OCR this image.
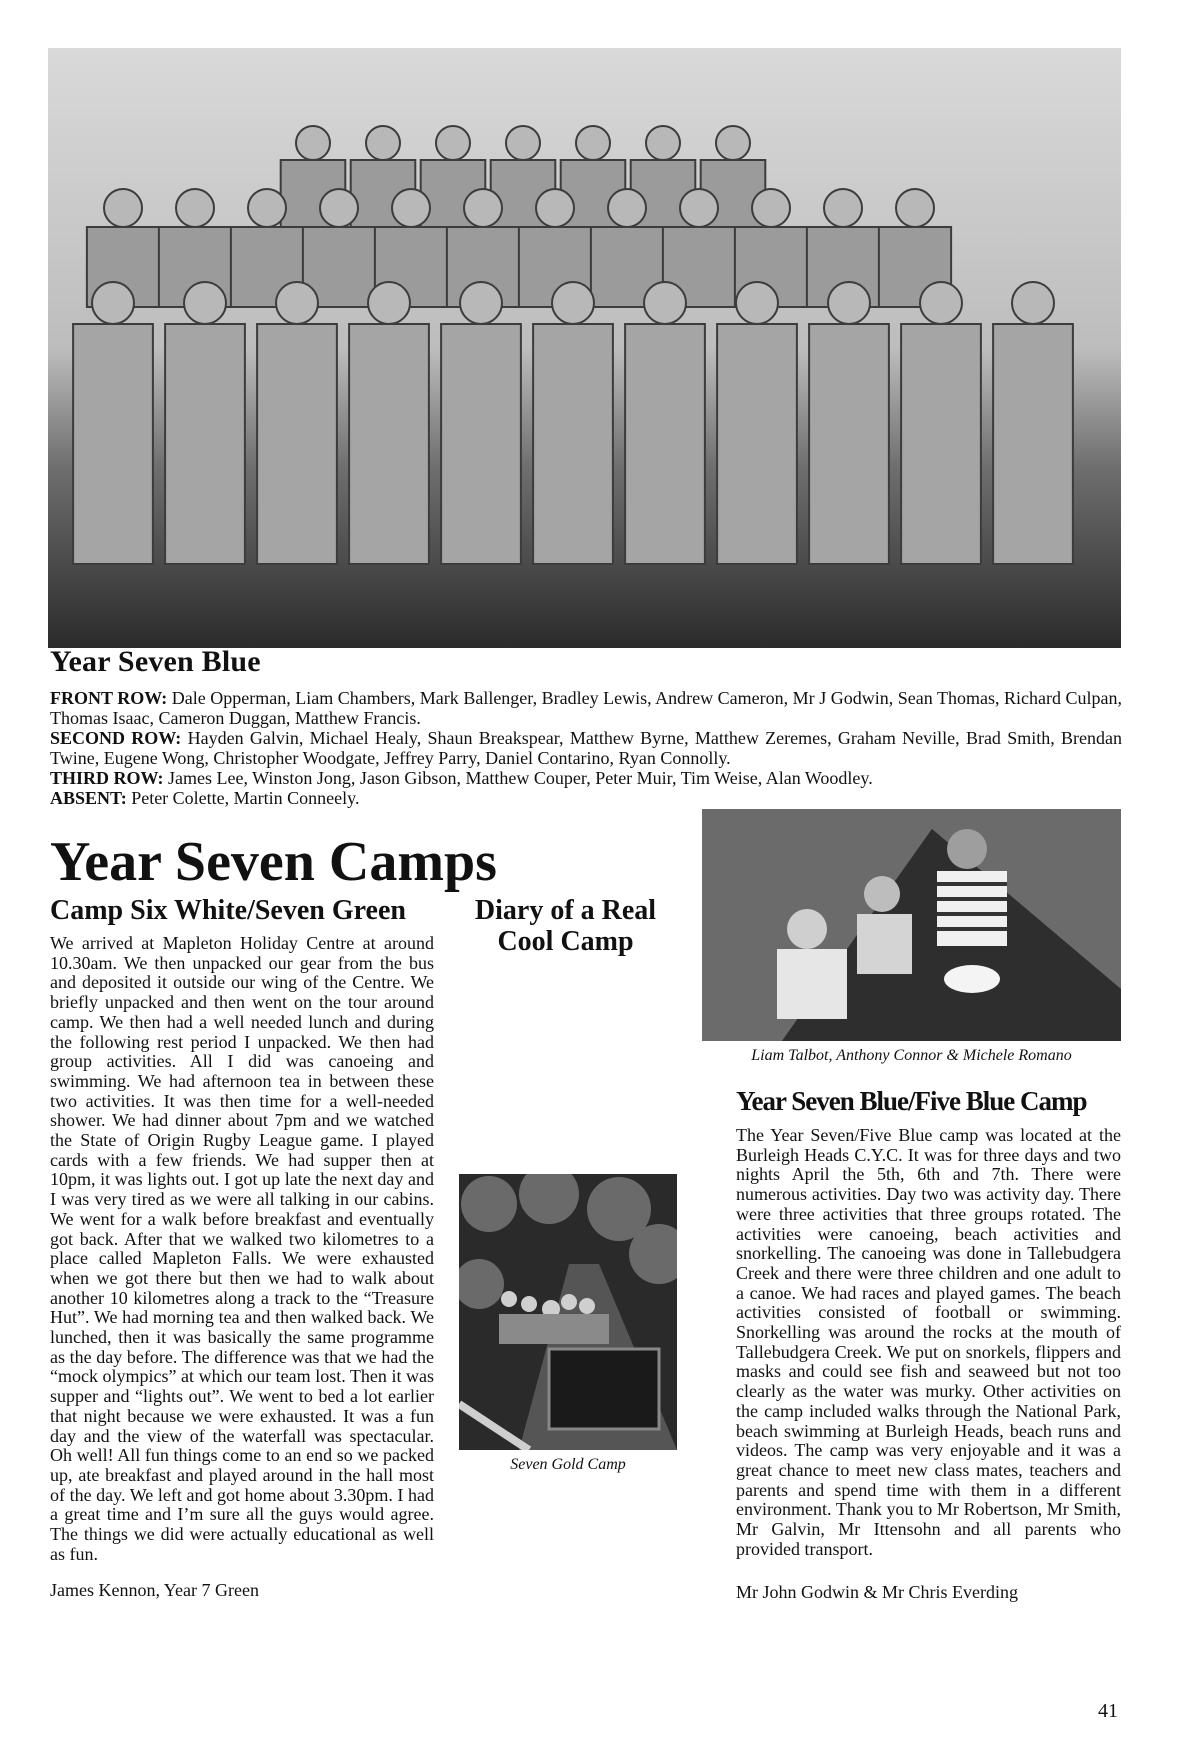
Year Seven Blue

FRONT ROW: Dale Opperman, Liam Chambers, Mark Ballenger, Bradley Lewis, Andrew Cameron, Mr J Godwin, Sean Thomas, Richard Culpan, Thomas Isaac, Cameron Duggan, Matthew Francis.

SECOND ROW: Hayden Galvin, Michael Healy, Shaun Breakspear, Matthew Byrne, Matthew Zeremes, Graham Neville, Brad Smith, Brendan Twine, Eugene Wong, Christopher Woodgate, Jeffrey Parry, Daniel Contarino, Ryan Connolly.

THIRD ROW: James Lee, Winston Jong, Jason Gibson, Matthew Couper, Peter Muir, Tim Weise, Alan Woodley.

ABSENT: Peter Colette, Martin Conneely.

Year Seven Camps
Camp Six White/Seven Green

We arrived at Mapleton Holiday Centre at around 10.30am. We then unpacked our gear from the bus and deposited it outside our wing of the Centre. We briefly unpacked and then went on the tour around camp. We then had a well needed lunch and during the following rest period I unpacked. We then had group activities. All I did was canoeing and swimming. We had afternoon tea in between these two activities. It was then time for a well-needed shower. We had dinner about 7pm and we watched the State of Origin Rugby League game. I played cards with a few friends. We had supper then at 10pm, it was lights out. I got up late the next day and I was very tired as we were all talking in our cabins. We went for a walk before breakfast and eventually got back. After that we walked two kilometres to a place called Mapleton Falls. We were exhausted when we got there but then we had to walk about another 10 kilometres along a track to the “Treasure Hut”. We had morning tea and then walked back. We lunched, then it was basically the same programme as the day before. The difference was that we had the “mock olympics” at which our team lost. Then it was supper and “lights out”. We went to bed a lot earlier that night because we were exhausted. It was a fun day and the view of the waterfall was spectacular. Oh well! All fun things come to an end so we packed up, ate breakfast and played around in the hall most of the day. We left and got home about 3.30pm. I had a great time and I’m sure all the guys would agree. The things we did were actually educational as well as fun.

James Kennon, Year 7 Green

Diary of a Real Cool Camp

Liam Talbot, Anthony Connor & Michele Romano

Seven Gold Camp

Year Seven Blue/Five Blue Camp

The Year Seven/Five Blue camp was located at the Burleigh Heads C.Y.C. It was for three days and two nights April the 5th, 6th and 7th. There were numerous activities. Day two was activity day. There were three activities that three groups rotated. The activities were canoeing, beach activities and snorkelling. The canoeing was done in Tallebudgera Creek and there were three children and one adult to a canoe. We had races and played games. The beach activities consisted of football or swimming. Snorkelling was around the rocks at the mouth of Tallebudgera Creek. We put on snorkels, flippers and masks and could see fish and seaweed but not too clearly as the water was murky. Other activities on the camp included walks through the National Park, beach swimming at Burleigh Heads, beach runs and videos. The camp was very enjoyable and it was a great chance to meet new class mates, teachers and parents and spend time with them in a different environment. Thank you to Mr Robertson, Mr Smith, Mr Galvin, Mr Ittensohn and all parents who provided transport.

Mr John Godwin & Mr Chris Everding

41
